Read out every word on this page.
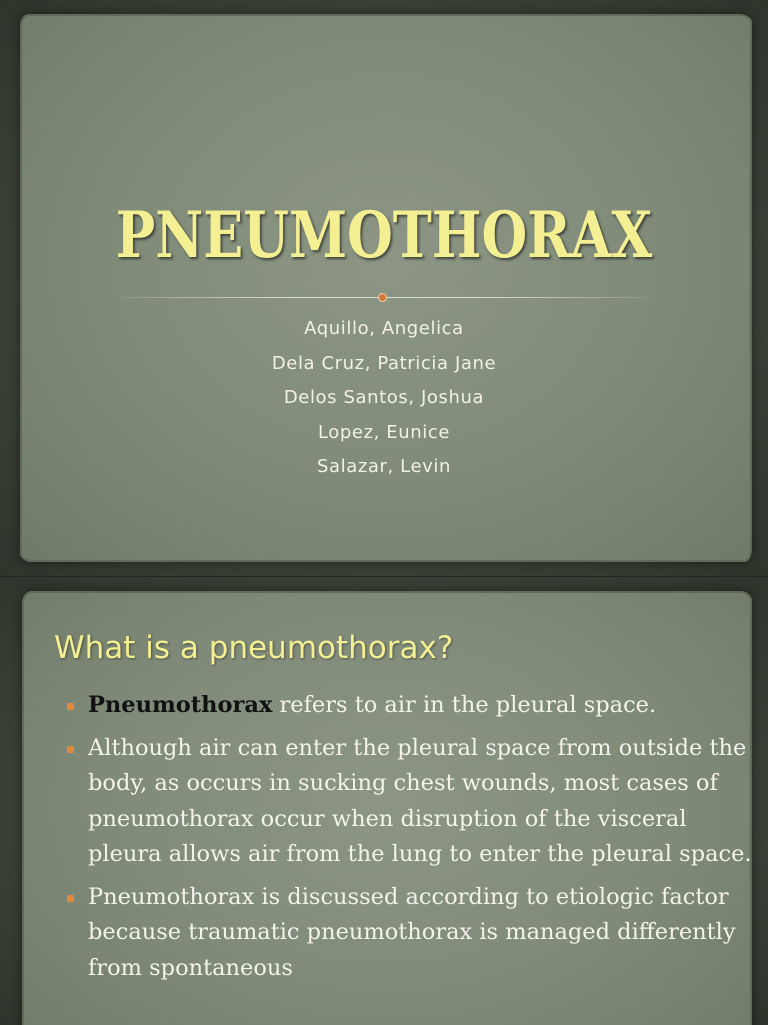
PNEUMOTHORAX
Aquillo, Angelica
Dela Cruz, Patricia Jane
Delos Santos, Joshua
Lopez, Eunice
Salazar, Levin
What is a pneumothorax?
Pneumothorax refers to air in the pleural space.
Although air can enter the pleural space from outside the body, as occurs in sucking chest wounds, most cases of pneumothorax occur when disruption of the visceral pleura allows air from the lung to enter the pleural space.
Pneumothorax is discussed according to etiologic factor because traumatic pneumothorax is managed differently from spontaneous
